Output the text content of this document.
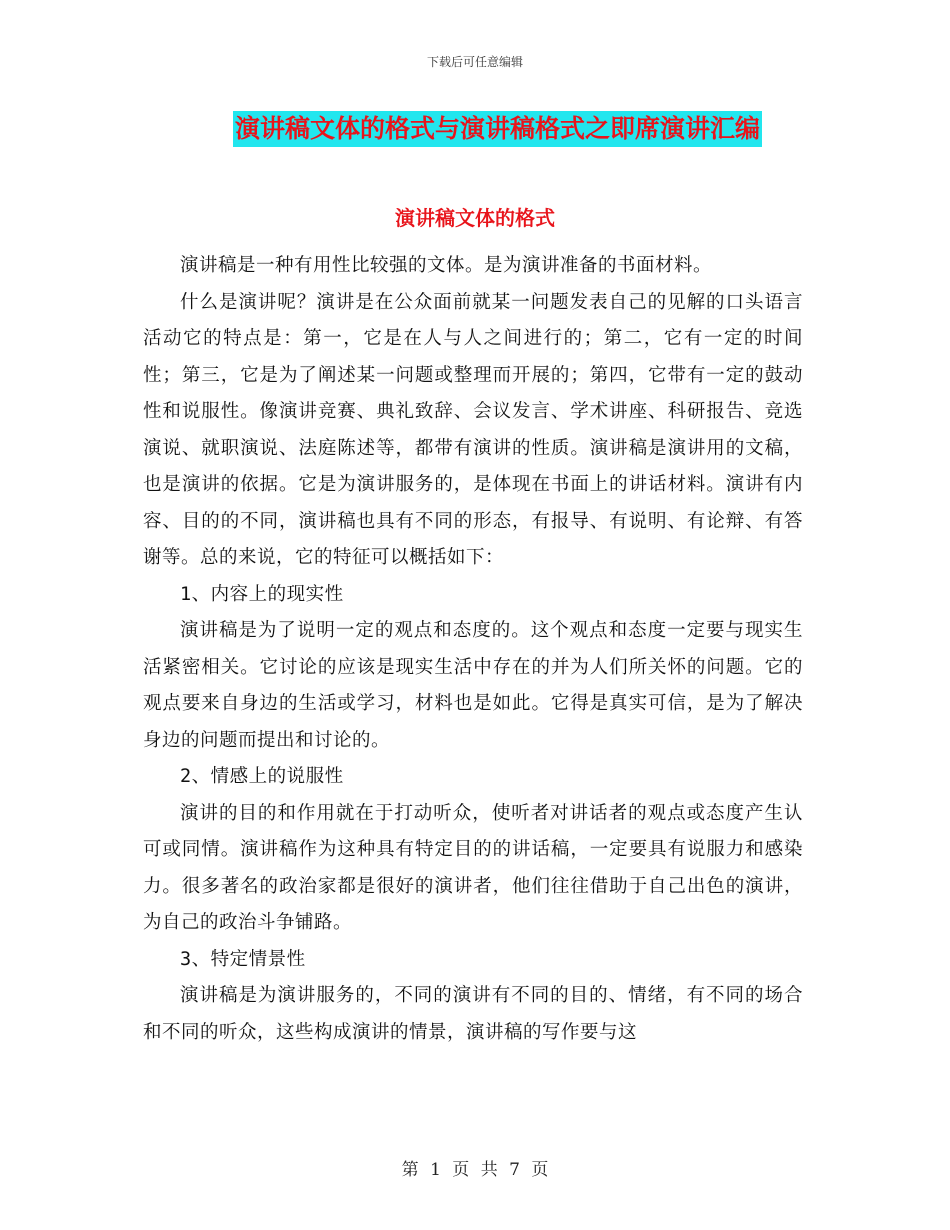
下载后可任意编辑
演讲稿文体的格式与演讲稿格式之即席演讲汇编
演讲稿文体的格式

演讲稿是一种有用性比较强的文体。是为演讲准备的书面材料。

什么是演讲呢？演讲是在公众面前就某一问题发表自己的见解的口头语言活动它的特点是：第一，它是在人与人之间进行的；第二，它有一定的时间性；第三，它是为了阐述某一问题或整理而开展的；第四，它带有一定的鼓动性和说服性。像演讲竞赛、典礼致辞、会议发言、学术讲座、科研报告、竞选演说、就职演说、法庭陈述等，都带有演讲的性质。演讲稿是演讲用的文稿，也是演讲的依据。它是为演讲服务的，是体现在书面上的讲话材料。演讲有内容、目的的不同，演讲稿也具有不同的形态，有报导、有说明、有论辩、有答谢等。总的来说，它的特征可以概括如下：

1、内容上的现实性

演讲稿是为了说明一定的观点和态度的。这个观点和态度一定要与现实生活紧密相关。它讨论的应该是现实生活中存在的并为人们所关怀的问题。它的观点要来自身边的生活或学习，材料也是如此。它得是真实可信，是为了解决身边的问题而提出和讨论的。

2、情感上的说服性

演讲的目的和作用就在于打动听众，使听者对讲话者的观点或态度产生认可或同情。演讲稿作为这种具有特定目的的讲话稿，一定要具有说服力和感染力。很多著名的政治家都是很好的演讲者，他们往往借助于自己出色的演讲，为自己的政治斗争铺路。

3、特定情景性

演讲稿是为演讲服务的，不同的演讲有不同的目的、情绪，有不同的场合和不同的听众，这些构成演讲的情景，演讲稿的写作要与这

第 1 页 共 7 页
